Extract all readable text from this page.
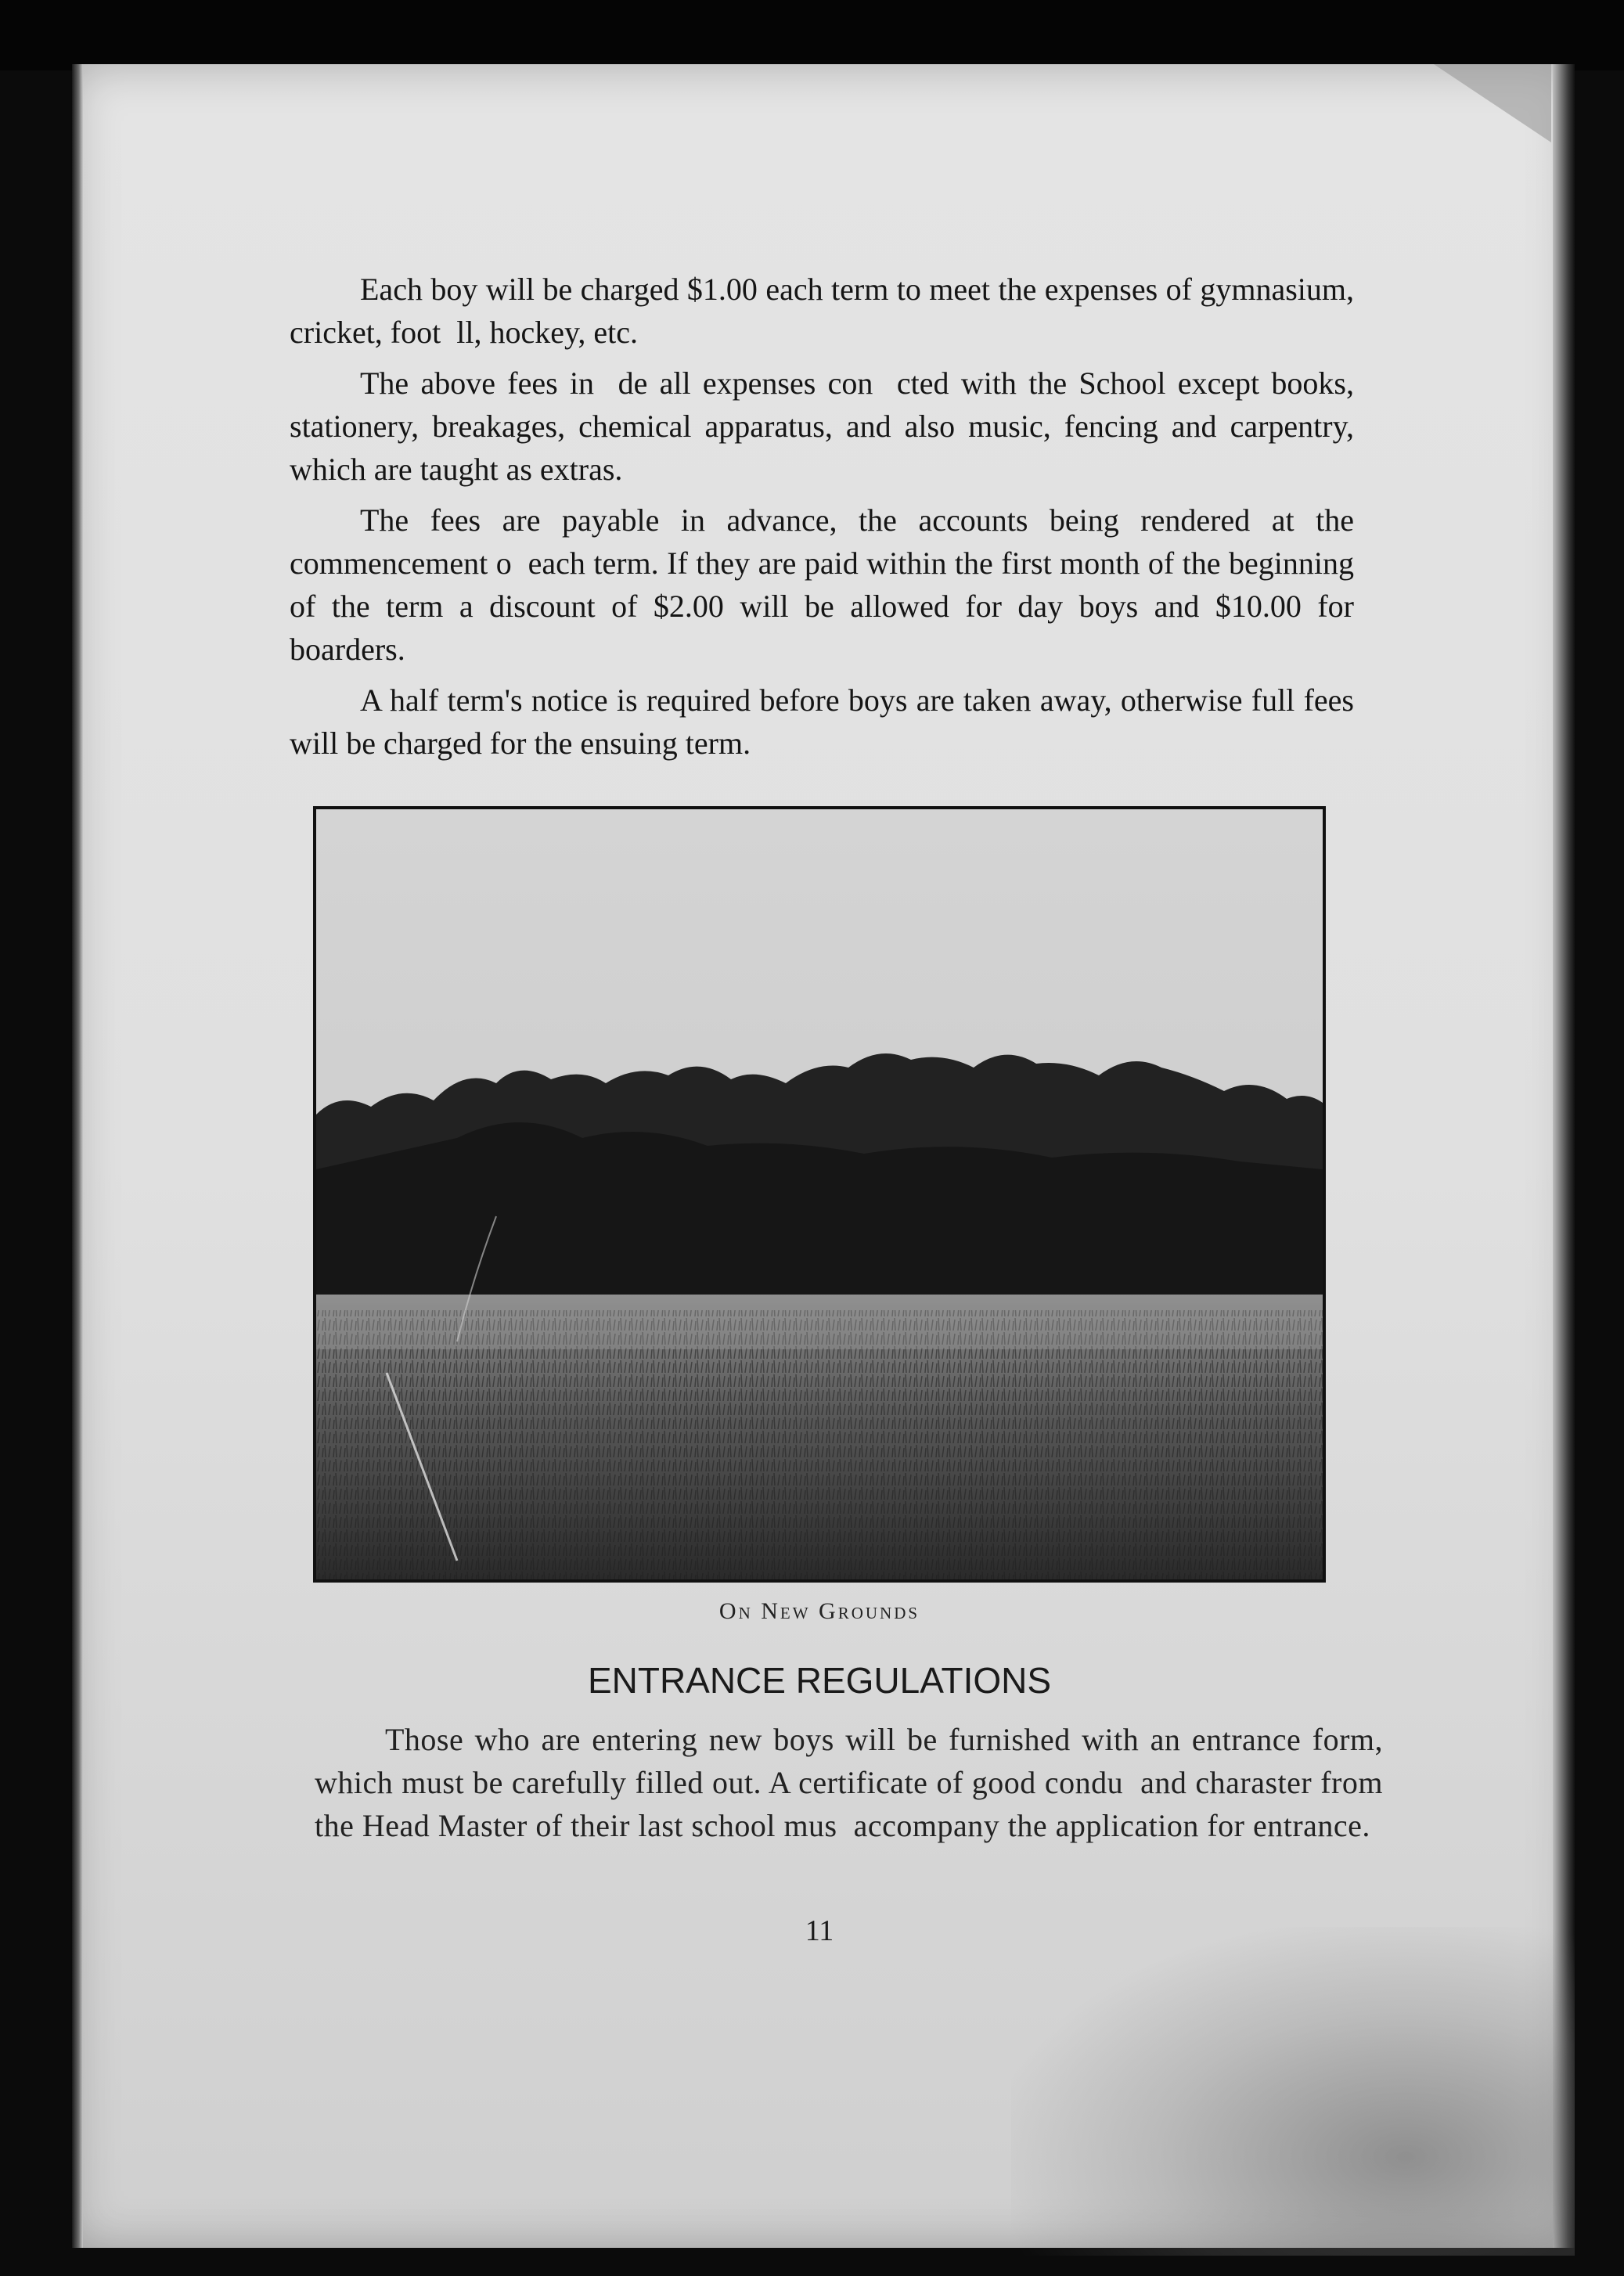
Each boy will be charged $1.00 each term to meet the expenses of gymnasium, cricket, foot  ll, hockey, etc.

The above fees in  de all expenses con  cted with the School except books, stationery, breakages, chemical apparatus, and also music, fencing and carpentry, which are taught as extras.

The fees are payable in advance, the accounts being rendered at the commencement o  each term. If they are paid within the first month of the beginning of the term a discount of $2.00 will be allowed for day boys and $10.00 for boarders.

A half term's notice is required before boys are taken away, otherwise full fees will be charged for the ensuing term.

On New Grounds
ENTRANCE REGULATIONS

Those who are entering new boys will be furnished with an entrance form, which must be carefully filled out. A certificate of good condu  and charaster from the Head Master of their last school mus  accompany the application for entrance.

11
